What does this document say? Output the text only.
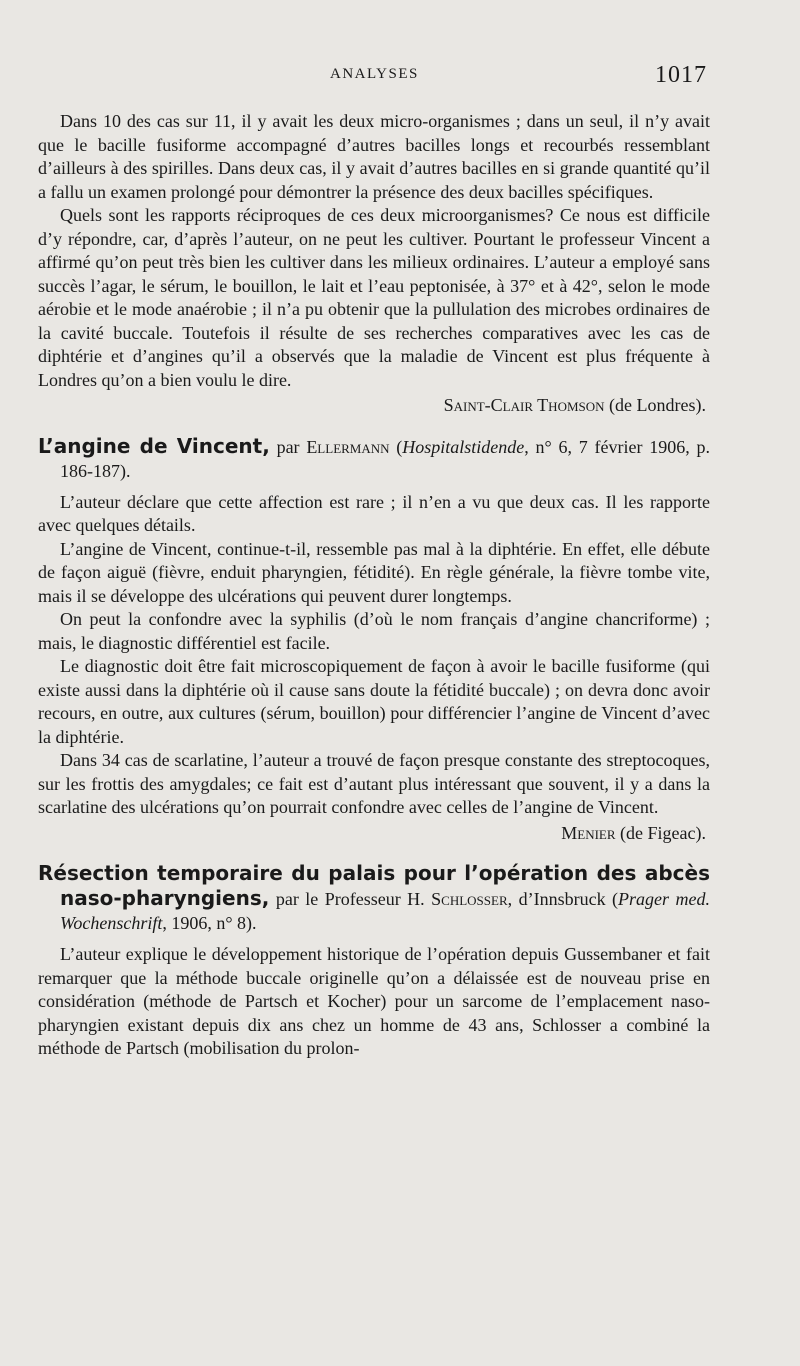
ANALYSES	1017

Dans 10 des cas sur 11, il y avait les deux micro-organismes ; dans un seul, il n’y avait que le bacille fusiforme accompagné d’autres bacilles longs et recourbés ressemblant d’ailleurs à des spirilles. Dans deux cas, il y avait d’autres bacilles en si grande quantité qu’il a fallu un examen prolongé pour démontrer la présence des deux bacilles spécifiques.

Quels sont les rapports réciproques de ces deux microorganismes? Ce nous est difficile d’y répondre, car, d’après l’auteur, on ne peut les cultiver. Pourtant le professeur Vincent a affirmé qu’on peut très bien les cultiver dans les milieux ordinaires. L’auteur a employé sans succès l’agar, le sérum, le bouillon, le lait et l’eau peptonisée, à 37° et à 42°, selon le mode aérobie et le mode anaérobie ; il n’a pu obtenir que la pullulation des microbes ordinaires de la cavité buccale. Toutefois il résulte de ses recherches comparatives avec les cas de diphtérie et d’angines qu’il a observés que la maladie de Vincent est plus fréquente à Londres qu’on a bien voulu le dire.

Saint-Clair Thomson (de Londres).

L’angine de Vincent, par Ellermann (Hospitalstidende, n° 6, 7 février 1906, p. 186-187).

L’auteur déclare que cette affection est rare ; il n’en a vu que deux cas. Il les rapporte avec quelques détails.

L’angine de Vincent, continue-t-il, ressemble pas mal à la diphtérie. En effet, elle débute de façon aiguë (fièvre, enduit pharyngien, fétidité). En règle générale, la fièvre tombe vite, mais il se développe des ulcérations qui peuvent durer longtemps.

On peut la confondre avec la syphilis (d’où le nom français d’angine chancriforme) ; mais, le diagnostic différentiel est facile.

Le diagnostic doit être fait microscopiquement de façon à avoir le bacille fusiforme (qui existe aussi dans la diphtérie où il cause sans doute la fétidité buccale) ; on devra donc avoir recours, en outre, aux cultures (sérum, bouillon) pour différencier l’angine de Vincent d’avec la diphtérie.

Dans 34 cas de scarlatine, l’auteur a trouvé de façon presque constante des streptocoques, sur les frottis des amygdales; ce fait est d’autant plus intéressant que souvent, il y a dans la scarlatine des ulcérations qu’on pourrait confondre avec celles de l’angine de Vincent.

Menier (de Figeac).

Résection temporaire du palais pour l’opération des abcès naso-pharyngiens, par le Professeur H. Schlosser, d’Innsbruck (Prager med. Wochenschrift, 1906, n° 8).

L’auteur explique le développement historique de l’opération depuis Gussembaner et fait remarquer que la méthode buccale originelle qu’on a délaissée est de nouveau prise en considération (méthode de Partsch et Kocher) pour un sarcome de l’emplacement naso-pharyngien existant depuis dix ans chez un homme de 43 ans, Schlosser a combiné la méthode de Partsch (mobilisation du prolon-
